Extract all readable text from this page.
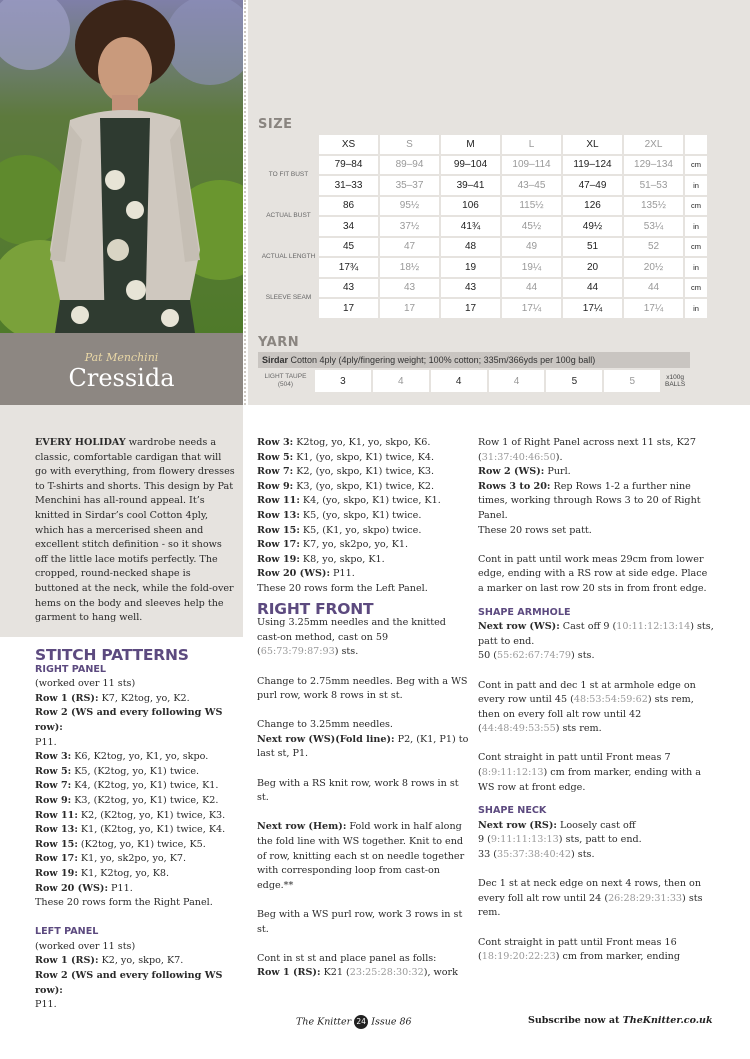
Pat Menchini
Cressida
SIZE
	XS	S	M	L	XL	2XL	
TO FIT BUST	79–84	89–94	99–104	109–114	119–124	129–134	cm
	31–33	35–37	39–41	43–45	47–49	51–53	in
ACTUAL BUST	86	95½	106	115½	126	135½	cm
	34	37½	41¾	45½	49½	53¼	in
ACTUAL LENGTH	45	47	48	49	51	52	cm
	17¾	18½	19	19¼	20	20½	in
SLEEVE SEAM	43	43	43	44	44	44	cm
	17	17	17	17¼	17¼	17¼	in
YARN
Sirdar Cotton 4ply (4ply/fingering weight; 100% cotton; 335m/366yds per 100g ball)
LIGHT TAUPE (504)	3	4	4	4	5	5	x100g BALLS

EVERY HOLIDAY wardrobe needs a classic, comfortable cardigan that will go with everything, from flowery dresses to T-shirts and shorts. This design by Pat Menchini has all-round appeal. It’s knitted in Sirdar’s cool Cotton 4ply, which has a mercerised sheen and excellent stitch definition - so it shows off the little lace motifs perfectly. The cropped, round-necked shape is buttoned at the neck, while the fold-over hems on the body and sleeves help the garment to hang well.

STITCH PATTERNS
RIGHT PANEL

(worked over 11 sts)

Row 1 (RS): K7, K2tog, yo, K2.

Row 2 (WS and every following WS row):

P11.

Row 3: K6, K2tog, yo, K1, yo, skpo.

Row 5: K5, (K2tog, yo, K1) twice.

Row 7: K4, (K2tog, yo, K1) twice, K1.

Row 9: K3, (K2tog, yo, K1) twice, K2.

Row 11: K2, (K2tog, yo, K1) twice, K3.

Row 13: K1, (K2tog, yo, K1) twice, K4.

Row 15: (K2tog, yo, K1) twice, K5.

Row 17: K1, yo, sk2po, yo, K7.

Row 19: K1, K2tog, yo, K8.

Row 20 (WS): P11.

These 20 rows form the Right Panel.

LEFT PANEL

(worked over 11 sts)

Row 1 (RS): K2, yo, skpo, K7.

Row 2 (WS and every following WS row):

P11.

Row 3: K2tog, yo, K1, yo, skpo, K6.

Row 5: K1, (yo, skpo, K1) twice, K4.

Row 7: K2, (yo, skpo, K1) twice, K3.

Row 9: K3, (yo, skpo, K1) twice, K2.

Row 11: K4, (yo, skpo, K1) twice, K1.

Row 13: K5, (yo, skpo, K1) twice.

Row 15: K5, (K1, yo, skpo) twice.

Row 17: K7, yo, sk2po, yo, K1.

Row 19: K8, yo, skpo, K1.

Row 20 (WS): P11.

These 20 rows form the Left Panel.

RIGHT FRONT

Using 3.25mm needles and the knitted cast-on method, cast on 59 (65:73:79:87:93) sts.

Change to 2.75mm needles. Beg with a WS purl row, work 8 rows in st st.

Change to 3.25mm needles.

Next row (WS)(Fold line): P2, (K1, P1) to last st, P1.

Beg with a RS knit row, work 8 rows in st st.

Next row (Hem): Fold work in half along the fold line with WS together. Knit to end of row, knitting each st on needle together with corresponding loop from cast-on edge.**

Beg with a WS purl row, work 3 rows in st st.

Cont in st st and place panel as folls:

Row 1 (RS): K21 (23:25:28:30:32), work

Row 1 of Right Panel across next 11 sts, K27 (31:37:40:46:50).

Row 2 (WS): Purl.

Rows 3 to 20: Rep Rows 1-2 a further nine times, working through Rows 3 to 20 of Right Panel.

These 20 rows set patt.

Cont in patt until work meas 29cm from lower edge, ending with a RS row at side edge. Place a marker on last row 20 sts in from front edge.

SHAPE ARMHOLE

Next row (WS): Cast off 9 (10:11:12:13:14) sts, patt to end.

50 (55:62:67:74:79) sts.

Cont in patt and dec 1 st at armhole edge on every row until 45 (48:53:54:59:62) sts rem, then on every foll alt row until 42 (44:48:49:53:55) sts rem.

Cont straight in patt until Front meas 7 (8:9:11:12:13) cm from marker, ending with a WS row at front edge.

SHAPE NECK

Next row (RS): Loosely cast off

9 (9:11:11:13:13) sts, patt to end.

33 (35:37:38:40:42) sts.

Dec 1 st at neck edge on next 4 rows, then on every foll alt row until 24 (26:28:29:31:33) sts rem.

Cont straight in patt until Front meas 16 (18:19:20:22:23) cm from marker, ending

The Knitter 24 Issue 86	Subscribe now at TheKnitter.co.uk
